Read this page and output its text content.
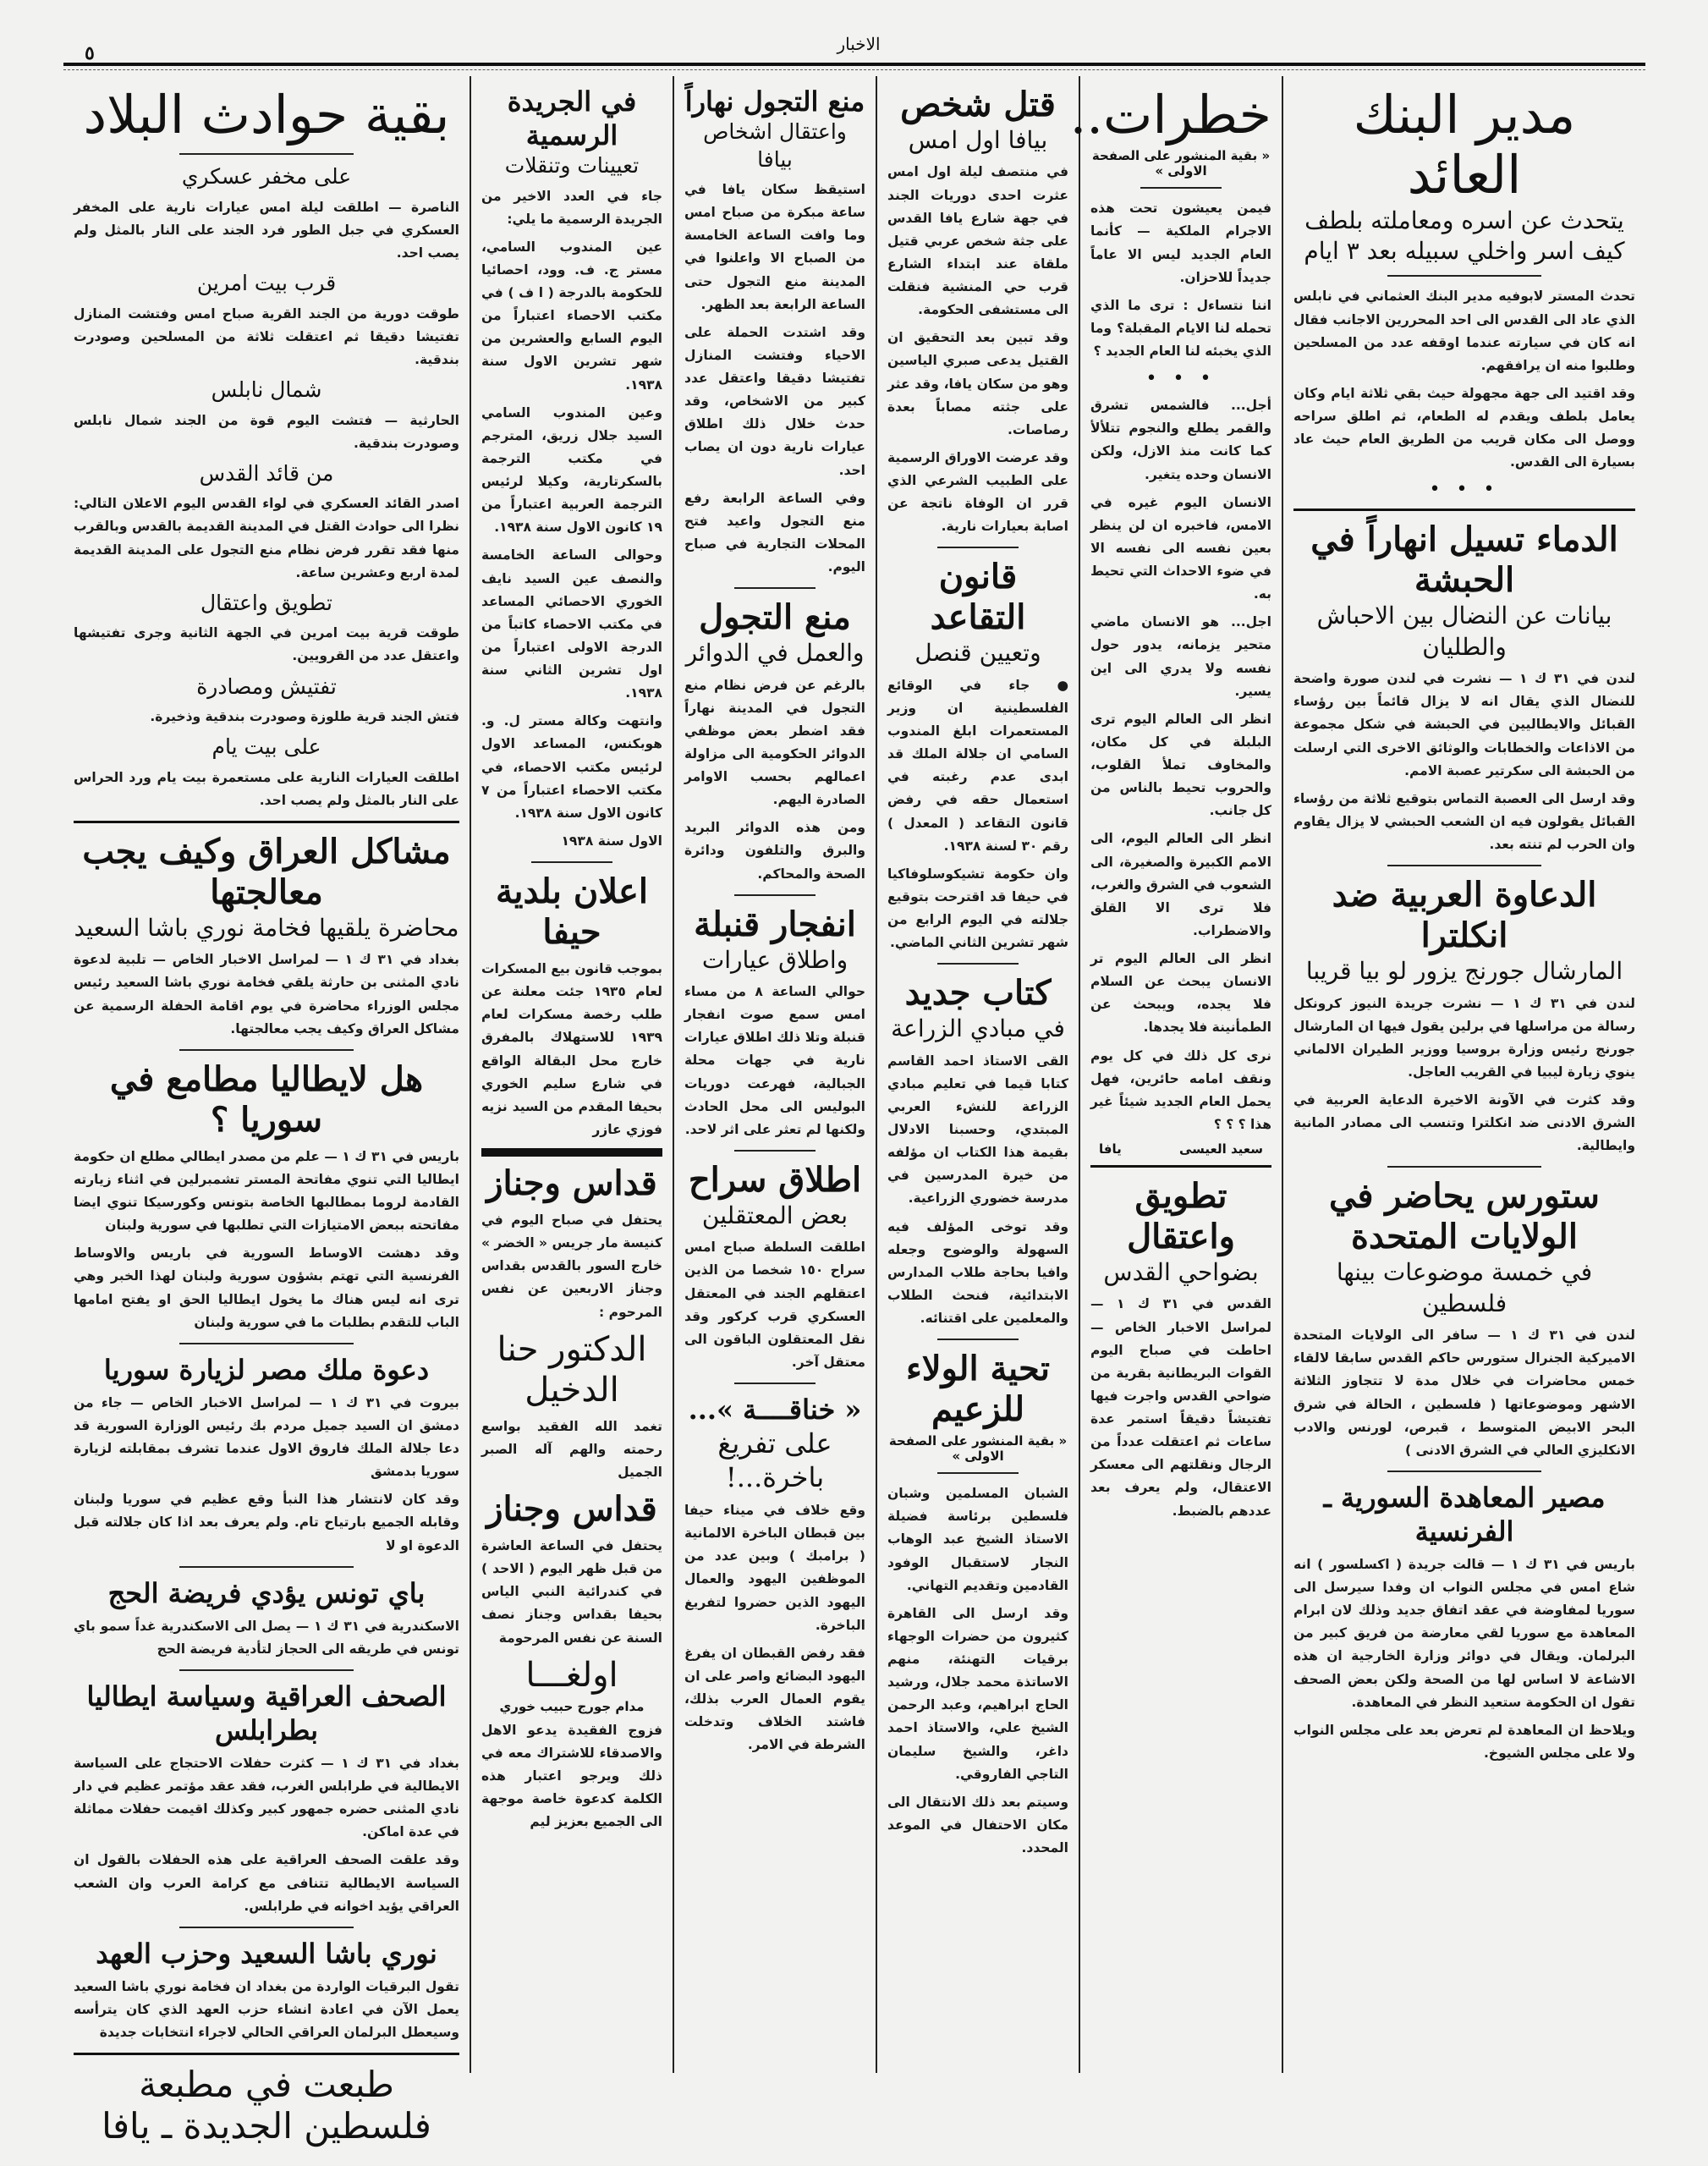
٥	الاخبار
مدير البنك العائد
يتحدث عن اسره ومعاملته بلطف
كيف اسر واخلي سبيله بعد ٣ ايام

تحدث المستر لابوفيه مدير البنك العثماني في نابلس الذي عاد الى القدس الى احد المحررين الاجانب فقال انه كان في سيارته عندما اوقفه عدد من المسلحين وطلبوا منه ان يرافقهم.

وقد اقتيد الى جهة مجهولة حيث بقي ثلاثة ايام وكان يعامل بلطف ويقدم له الطعام، ثم اطلق سراحه ووصل الى مكان قريب من الطريق العام حيث عاد بسيارة الى القدس.

• • •
الدماء تسيل انهاراً في الحبشة
بيانات عن النضال بين الاحباش والطليان

لندن في ٣١ ك ١ — نشرت في لندن صورة واضحة للنضال الذي يقال انه لا يزال قائماً بين رؤساء القبائل والايطاليين في الحبشة في شكل مجموعة من الاذاعات والخطابات والوثائق الاخرى التي ارسلت من الحبشة الى سكرتير عصبة الامم.

وقد ارسل الى العصبة التماس بتوقيع ثلاثة من رؤساء القبائل يقولون فيه ان الشعب الحبشي لا يزال يقاوم وان الحرب لم تنته بعد.

الدعاوة العربية ضد انكلترا
المارشال جورنج يزور لو بيا قريبا

لندن في ٣١ ك ١ — نشرت جريدة النيوز كرونكل رسالة من مراسلها في برلين يقول فيها ان المارشال جورنج رئيس وزارة بروسيا ووزير الطيران الالماني ينوي زيارة ليبيا في القريب العاجل.

وقد كثرت في الآونة الاخيرة الدعاية العربية في الشرق الادنى ضد انكلترا وتنسب الى مصادر المانية وايطالية.

ستورس يحاضر في الولايات المتحدة
في خمسة موضوعات بينها فلسطين

لندن في ٣١ ك ١ — سافر الى الولايات المتحدة الاميركية الجنرال ستورس حاكم القدس سابقا لالقاء خمس محاضرات في خلال مدة لا تتجاوز الثلاثة الاشهر وموضوعاتها ( فلسطين ، الحالة في شرق البحر الابيض المتوسط ، قبرص، لورنس والادب الانكليزي العالي في الشرق الادنى )

مصير المعاهدة السورية ـ الفرنسية

باريس في ٣١ ك ١ — قالت جريدة ( اكسلسور ) انه شاع امس في مجلس النواب ان وفدا سيرسل الى سوريا لمفاوضة في عقد اتفاق جديد وذلك لان ابرام المعاهدة مع سوريا لقي معارضة من فريق كبير من البرلمان. ويقال في دوائر وزارة الخارجية ان هذه الاشاعة لا اساس لها من الصحة ولكن بعض الصحف تقول ان الحكومة ستعيد النظر في المعاهدة.

ويلاحظ ان المعاهدة لم تعرض بعد على مجلس النواب ولا على مجلس الشيوخ.

خطرات..
« بقية المنشور على الصفحة الاولى »

فيمن يعيشون تحت هذه الاجرام الملكية — كأنما العام الجديد ليس الا عاماً جديداً للاحزان.

اننا نتساءل : ترى ما الذي تحمله لنا الايام المقبلة؟ وما الذي يخبئه لنا العام الجديد ؟

• • •

أجل... فالشمس تشرق والقمر يطلع والنجوم تتلألأ كما كانت منذ الازل، ولكن الانسان وحده يتغير.

الانسان اليوم غيره في الامس، فاخبره ان لن ينظر بعين نفسه الى نفسه الا في ضوء الاحداث التي تحيط به.

اجل... هو الانسان ماضي متحير يزمانه، يدور حول نفسه ولا يدري الى اين يسير.

انظر الى العالم اليوم ترى البلبلة في كل مكان، والمخاوف تملأ القلوب، والحروب تحيط بالناس من كل جانب.

انظر الى العالم اليوم، الى الامم الكبيرة والصغيرة، الى الشعوب في الشرق والغرب، فلا ترى الا القلق والاضطراب.

انظر الى العالم اليوم تر الانسان يبحث عن السلام فلا يجده، ويبحث عن الطمأنينة فلا يجدها.

نرى كل ذلك في كل يوم ونقف امامه حائرين، فهل يحمل العام الجديد شيئاً غير هذا ؟ ؟ ؟

سعيد العيسى
يافا
تطويق واعتقال
بضواحي القدس

القدس في ٣١ ك ١ — لمراسل الاخبار الخاص — احاطت في صباح اليوم القوات البريطانية بقرية من ضواحي القدس واجرت فيها تفتيشاً دقيقاً استمر عدة ساعات ثم اعتقلت عدداً من الرجال ونقلتهم الى معسكر الاعتقال، ولم يعرف بعد عددهم بالضبط.

قتل شخص
بيافا اول امس

في منتصف ليلة اول امس عثرت احدى دوريات الجند في جهة شارع يافا القدس على جثة شخص عربي قتيل ملقاة عند ابتداء الشارع قرب حي المنشية فنقلت الى مستشفى الحكومة.

وقد تبين بعد التحقيق ان القتيل يدعى صبري الياسين وهو من سكان يافا، وقد عثر على جثته مصاباً بعدة رصاصات.

وقد عرضت الاوراق الرسمية على الطبيب الشرعي الذي قرر ان الوفاة ناتجة عن اصابة بعيارات نارية.

قانون التقاعد
وتعيين قنصل

● جاء في الوقائع الفلسطينية ان وزير المستعمرات ابلغ المندوب السامي ان جلالة الملك قد ابدى عدم رغبته في استعمال حقه في رفض قانون التقاعد ( المعدل ) رقم ٣٠ لسنة ١٩٣٨.

وان حكومة تشيكوسلوفاكيا في حيفا قد اقترحت بتوقيع جلالته في اليوم الرابع من شهر تشرين الثاني الماضي.

كتاب جديد
في مبادي الزراعة

القى الاستاذ احمد القاسم كتابا قيما في تعليم مبادي الزراعة للنشء العربي المبتدي، وحسبنا الادلال بقيمة هذا الكتاب ان مؤلفه من خيرة المدرسين في مدرسة خضوري الزراعية.

وقد توخى المؤلف فيه السهولة والوضوح وجعله وافيا بحاجة طلاب المدارس الابتدائية، فنحث الطلاب والمعلمين على اقتنائه.

تحية الولاء للزعيم
« بقية المنشور على الصفحة الاولى »

الشبان المسلمين وشبان فلسطين برئاسة فضيلة الاستاذ الشيخ عبد الوهاب النجار لاستقبال الوفود القادمين وتقديم التهاني.

وقد ارسل الى القاهرة كثيرون من حضرات الوجهاء برقيات التهنئة، منهم الاساتذة محمد جلال، ورشيد الحاج ابراهيم، وعبد الرحمن الشيخ علي، والاستاذ احمد داغر، والشيخ سليمان التاجي الفاروقي.

وسيتم بعد ذلك الانتقال الى مكان الاحتفال في الموعد المحدد.

منع التجول نهاراً
واعتقال اشخاص بيافا

استيقظ سكان يافا في ساعة مبكرة من صباح امس وما وافت الساعة الخامسة من الصباح الا واعلنوا في المدينة منع التجول حتى الساعة الرابعة بعد الظهر.

وقد اشتدت الحملة على الاحياء وفتشت المنازل تفتيشا دقيقا واعتقل عدد كبير من الاشخاص، وقد حدث خلال ذلك اطلاق عيارات نارية دون ان يصاب احد.

وفي الساعة الرابعة رفع منع التجول واعيد فتح المحلات التجارية في صباح اليوم.

منع التجول
والعمل في الدوائر

بالرغم عن فرض نظام منع التجول في المدينة نهاراً فقد اضطر بعض موظفي الدوائر الحكومية الى مزاولة اعمالهم بحسب الاوامر الصادرة اليهم.

ومن هذه الدوائر البريد والبرق والتلفون ودائرة الصحة والمحاكم.

انفجار قنبلة
واطلاق عيارات

حوالي الساعة ٨ من مساء امس سمع صوت انفجار قنبلة وتلا ذلك اطلاق عيارات نارية في جهات محلة الجبالية، فهرعت دوريات البوليس الى محل الحادث ولكنها لم تعثر على اثر لاحد.

اطلاق سراح
بعض المعتقلين

اطلقت السلطة صباح امس سراح ١٥٠ شخصا من الذين اعتقلهم الجند في المعتقل العسكري قرب كركور وقد نقل المعتقلون الباقون الى معتقل آخر.

« خناقــــة »...
على تفريغ باخرة...!

وقع خلاف في ميناء حيفا بين قبطان الباخرة الالمانية ( برامبك ) وبين عدد من الموظفين اليهود والعمال اليهود الذين حضروا لتفريغ الباخرة.

فقد رفض القبطان ان يفرغ اليهود البضائع واصر على ان يقوم العمال العرب بذلك، فاشتد الخلاف وتدخلت الشرطة في الامر.

في الجريدة الرسمية
تعيينات وتنقلات

جاء في العدد الاخير من الجريدة الرسمية ما يلي:

عين المندوب السامي، مستر ج. ف. وود، احصائيا للحكومة بالدرجة ( ا ف ) في مكتب الاحصاء اعتباراً من اليوم السابع والعشرين من شهر تشرين الاول سنة ١٩٣٨.

وعين المندوب السامي السيد جلال زريق، المترجم في مكتب الترجمة بالسكرتارية، وكيلا لرئيس الترجمة العربية اعتباراً من ١٩ كانون الاول سنة ١٩٣٨.

وحوالى الساعة الخامسة والنصف عين السيد نايف الخوري الاحصائي المساعد في مكتب الاحصاء كاتباً من الدرجة الاولى اعتباراً من اول تشرين الثاني سنة ١٩٣٨.

وانتهت وكالة مستر ل. و. هوبكنس، المساعد الاول لرئيس مكتب الاحصاء، في مكتب الاحصاء اعتباراً من ٧ كانون الاول سنة ١٩٣٨.

الاول سنة ١٩٣٨

اعلان بلدية حيفا

بموجب قانون بيع المسكرات لعام ١٩٣٥ جئت معلنة عن طلب رخصة مسكرات لعام ١٩٣٩ للاستهلاك بالمفرق خارج محل البقالة الواقع في شارع سليم الخوري بحيفا المقدم من السيد نزيه فوزي عازر

قداس وجناز

يحتفل في صباح اليوم في كنيسة مار جريس « الخضر » خارج السور بالقدس بقداس وجناز الاربعين عن نفس المرحوم :

الدكتور حنا الدخيل

تغمد الله الفقيد بواسع رحمته والهم آله الصبر الجميل

قداس وجناز

يحتفل في الساعة العاشرة من قبل ظهر اليوم ( الاحد ) في كندرائية النبي الياس بحيفا بقداس وجناز نصف السنة عن نفس المرحومة

اولغـــا
مدام جورج حبيب خوري

فزوج الفقيدة يدعو الاهل والاصدقاء للاشتراك معه في ذلك ويرجو اعتبار هذه الكلمة كدعوة خاصة موجهة الى الجميع بعزيز ليم

بقية حوادث البلاد
على مخفر عسكري

الناصرة — اطلقت ليلة امس عيارات نارية على المخفر العسكري في جبل الطور فرد الجند على النار بالمثل ولم يصب احد.

قرب بيت امرين

طوقت دورية من الجند القرية صباح امس وفتشت المنازل تفتيشا دقيقا ثم اعتقلت ثلاثة من المسلحين وصودرت بندقية.

شمال نابلس

الحارثية — فتشت اليوم قوة من الجند شمال نابلس وصودرت بندقية.

من قائد القدس

اصدر القائد العسكري في لواء القدس اليوم الاعلان التالي: نظرا الى حوادث القتل في المدينة القديمة بالقدس وبالقرب منها فقد تقرر فرض نظام منع التجول على المدينة القديمة لمدة اربع وعشرين ساعة.

تطويق واعتقال

طوقت قرية بيت امرين في الجهة الثانية وجرى تفتيشها واعتقل عدد من القرويين.

تفتيش ومصادرة

فتش الجند قرية طلوزة وصودرت بندقية وذخيرة.

على بيت يام

اطلقت العيارات النارية على مستعمرة بيت يام ورد الحراس على النار بالمثل ولم يصب احد.

مشاكل العراق وكيف يجب معالجتها
محاضرة يلقيها فخامة نوري باشا السعيد

بغداد في ٣١ ك ١ — لمراسل الاخبار الخاص — تلبية لدعوة نادي المثنى بن حارثة يلقي فخامة نوري باشا السعيد رئيس مجلس الوزراء محاضرة في يوم اقامة الحفلة الرسمية عن مشاكل العراق وكيف يجب معالجتها.

هل لايطاليا مطامع في سوريا ؟

باريس في ٣١ ك ١ — علم من مصدر ايطالي مطلع ان حكومة ايطاليا التي تنوي مفاتحة المستر تشمبرلين في اثناء زيارته القادمة لروما بمطالبها الخاصة بتونس وكورسيكا تنوي ايضا مفاتحته ببعض الامتيازات التي تطلبها في سورية ولبنان

وقد دهشت الاوساط السورية في باريس والاوساط الفرنسية التي تهتم بشؤون سورية ولبنان لهذا الخبر وهي ترى انه ليس هناك ما يخول ايطاليا الحق او يفتح امامها الباب للتقدم بطلبات ما في سورية ولبنان

دعوة ملك مصر لزيارة سوريا

بيروت في ٣١ ك ١ — لمراسل الاخبار الخاص — جاء من دمشق ان السيد جميل مردم بك رئيس الوزارة السورية قد دعا جلالة الملك فاروق الاول عندما تشرف بمقابلته لزيارة سوريا بدمشق

وقد كان لانتشار هذا النبأ وقع عظيم في سوريا ولبنان وقابله الجميع بارتياح تام. ولم يعرف بعد اذا كان جلالته قبل الدعوة او لا

باي تونس يؤدي فريضة الحج

الاسكندرية في ٣١ ك ١ — يصل الى الاسكندرية غداً سمو باي تونس في طريقه الى الحجاز لتأدية فريضة الحج

الصحف العراقية وسياسة ايطاليا بطرابلس

بغداد في ٣١ ك ١ — كثرت حفلات الاحتجاج على السياسة الايطالية في طرابلس الغرب، فقد عقد مؤتمر عظيم في دار نادي المثنى حضره جمهور كبير وكذلك اقيمت حفلات مماثلة في عدة اماكن.

وقد علقت الصحف العراقية على هذه الحفلات بالقول ان السياسة الايطالية تتنافى مع كرامة العرب وان الشعب العراقي يؤيد اخوانه في طرابلس.

نوري باشا السعيد وحزب العهد

تقول البرقيات الواردة من بغداد ان فخامة نوري باشا السعيد يعمل الآن في اعادة انشاء حزب العهد الذي كان يترأسه وسيعطل البرلمان العراقي الحالي لاجراء انتخابات جديدة

طبعت في مطبعة فلسطين الجديدة ـ يافا
